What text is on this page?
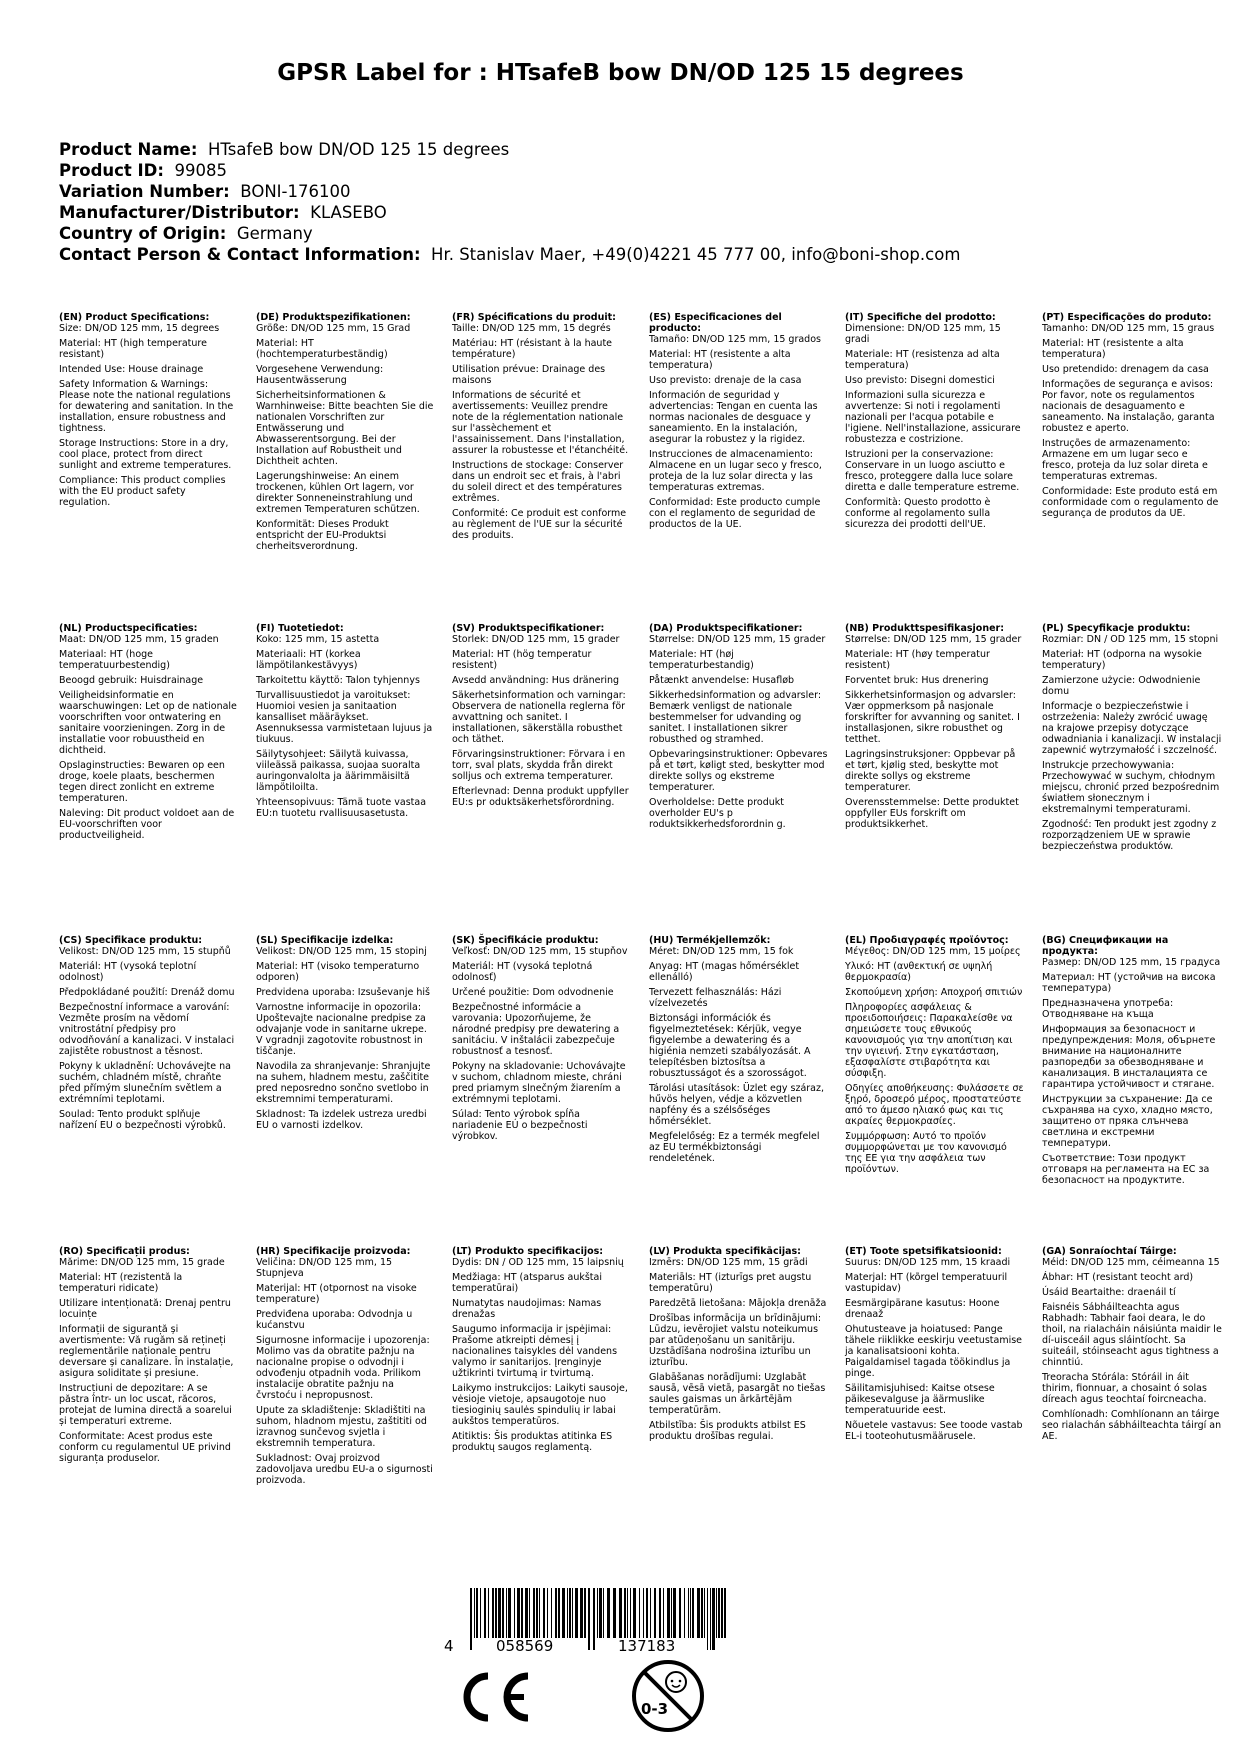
GPSR Label for : HTsafeB bow DN/OD 125 15 degrees
Product Name: HTsafeB bow DN/OD 125 15 degrees
Product ID: 99085
Variation Number: BONI-176100
Manufacturer/Distributor: KLASEBO
Country of Origin: Germany
Contact Person & Contact Information: Hr. Stanislav Maer, +49(0)4221 45 777 00, info@boni-shop.com
(EN) Product Specifications:

Size: DN/OD 125 mm, 15 degrees

Material: HT (high temperature resistant)

Intended Use: House drainage

Safety Information & Warnings: Please note the national regulations for dewatering and sanitation. In the installation, ensure robustness and tightness.

Storage Instructions: Store in a dry, cool place, protect from direct sunlight and extreme temperatures.

Compliance: This product complies with the EU product safety regulation.

(DE) Produktspezifikationen:

Größe: DN/OD 125 mm, 15 Grad

Material: HT (hochtemperaturbeständig)

Vorgesehene Verwendung: Hausentwässerung

Sicherheitsinformationen & Warnhinweise: Bitte beachten Sie die nationalen Vorschriften zur Entwässerung und Abwasserentsorgung. Bei der Installation auf Robustheit und Dichtheit achten.

Lagerungshinweise: An einem trockenen, kühlen Ort lagern, vor direkter Sonneneinstrahlung und extremen Temperaturen schützen.

Konformität: Dieses Produkt entspricht der EU-Produktsi cherheitsverordnung.

(FR) Spécifications du produit:

Taille: DN/OD 125 mm, 15 degrés

Matériau: HT (résistant à la haute température)

Utilisation prévue: Drainage des maisons

Informations de sécurité et avertissements: Veuillez prendre note de la réglementation nationale sur l'assèchement et l'assainissement. Dans l'installation, assurer la robustesse et l'étanchéité.

Instructions de stockage: Conserver dans un endroit sec et frais, à l'abri du soleil direct et des températures extrêmes.

Conformité: Ce produit est conforme au règlement de l'UE sur la sécurité des produits.

(ES) Especificaciones del producto:

Tamaño: DN/OD 125 mm, 15 grados

Material: HT (resistente a alta temperatura)

Uso previsto: drenaje de la casa

Información de seguridad y advertencias: Tengan en cuenta las normas nacionales de desguace y saneamiento. En la instalación, asegurar la robustez y la rigidez.

Instrucciones de almacenamiento: Almacene en un lugar seco y fresco, proteja de la luz solar directa y las temperaturas extremas.

Conformidad: Este producto cumple con el reglamento de seguridad de productos de la UE.

(IT) Specifiche del prodotto:

Dimensione: DN/OD 125 mm, 15 gradi

Materiale: HT (resistenza ad alta temperatura)

Uso previsto: Disegni domestici

Informazioni sulla sicurezza e avvertenze: Si noti i regolamenti nazionali per l'acqua potabile e l'igiene. Nell'installazione, assicurare robustezza e costrizione.

Istruzioni per la conservazione: Conservare in un luogo asciutto e fresco, proteggere dalla luce solare diretta e dalle temperature estreme.

Conformità: Questo prodotto è conforme al regolamento sulla sicurezza dei prodotti dell'UE.

(PT) Especificações do produto:

Tamanho: DN/OD 125 mm, 15 graus

Material: HT (resistente a alta temperatura)

Uso pretendido: drenagem da casa

Informações de segurança e avisos: Por favor, note os regulamentos nacionais de desaguamento e saneamento. Na instalação, garanta robustez e aperto.

Instruções de armazenamento: Armazene em um lugar seco e fresco, proteja da luz solar direta e temperaturas extremas.

Conformidade: Este produto está em conformidade com o regulamento de segurança de produtos da UE.

(NL) Productspecificaties:

Maat: DN/OD 125 mm, 15 graden

Materiaal: HT (hoge temperatuurbestendig)

Beoogd gebruik: Huisdrainage

Veiligheidsinformatie en waarschuwingen: Let op de nationale voorschriften voor ontwatering en sanitaire voorzieningen. Zorg in de installatie voor robuustheid en dichtheid.

Opslaginstructies: Bewaren op een droge, koele plaats, beschermen tegen direct zonlicht en extreme temperaturen.

Naleving: Dit product voldoet aan de EU-voorschriften voor productveiligheid.

(FI) Tuotetiedot:

Koko: 125 mm, 15 astetta

Materiaali: HT (korkea lämpötilankestävyys)

Tarkoitettu käyttö: Talon tyhjennys

Turvallisuustiedot ja varoitukset: Huomioi vesien ja sanitaation kansalliset määräykset. Asennuksessa varmistetaan lujuus ja tiukuus.

Säilytysohjeet: Säilytä kuivassa, viileässä paikassa, suojaa suoralta auringonvalolta ja äärimmäisiltä lämpötiloilta.

Yhteensopivuus: Tämä tuote vastaa EU:n tuotetu rvallisuusasetusta.

(SV) Produktspecifikationer:

Storlek: DN/OD 125 mm, 15 grader

Material: HT (hög temperatur resistent)

Avsedd användning: Hus dränering

Säkerhetsinformation och varningar: Observera de nationella reglerna för avvattning och sanitet. I installationen, säkerställa robusthet och täthet.

Förvaringsinstruktioner: Förvara i en torr, sval plats, skydda från direkt solljus och extrema temperaturer.

Efterlevnad: Denna produkt uppfyller EU:s pr oduktsäkerhetsförordning.

(DA) Produktspecifikationer:

Størrelse: DN/OD 125 mm, 15 grader

Materiale: HT (høj temperaturbestandig)

Påtænkt anvendelse: Husafløb

Sikkerhedsinformation og advarsler: Bemærk venligst de nationale bestemmelser for udvanding og sanitet. I installationen sikrer robusthed og stramhed.

Opbevaringsinstruktioner: Opbevares på et tørt, køligt sted, beskytter mod direkte sollys og ekstreme temperaturer.

Overholdelse: Dette produkt overholder EU's p roduktsikkerhedsforordnin g.

(NB) Produkttspesifikasjoner:

Størrelse: DN/OD 125 mm, 15 grader

Materiale: HT (høy temperatur resistent)

Forventet bruk: Hus drenering

Sikkerhetsinformasjon og advarsler: Vær oppmerksom på nasjonale forskrifter for avvanning og sanitet. I installasjonen, sikre robusthet og tetthet.

Lagringsinstruksjoner: Oppbevar på et tørt, kjølig sted, beskytte mot direkte sollys og ekstreme temperaturer.

Overensstemmelse: Dette produktet oppfyller EUs forskrift om produktsikkerhet.

(PL) Specyfikacje produktu:

Rozmiar: DN / OD 125 mm, 15 stopni

Materiał: HT (odporna na wysokie temperatury)

Zamierzone użycie: Odwodnienie domu

Informacje o bezpieczeństwie i ostrzeżenia: Należy zwrócić uwagę na krajowe przepisy dotyczące odwadniania i kanalizacji. W instalacji zapewnić wytrzymałość i szczelność.

Instrukcje przechowywania: Przechowywać w suchym, chłodnym miejscu, chronić przed bezpośrednim światłem słonecznym i ekstremalnymi temperaturami.

Zgodność: Ten produkt jest zgodny z rozporządzeniem UE w sprawie bezpieczeństwa produktów.

(CS) Specifikace produktu:

Velikost: DN/OD 125 mm, 15 stupňů

Materiál: HT (vysoká teplotní odolnost)

Předpokládané použití: Drenáž domu

Bezpečnostní informace a varování: Vezměte prosím na vědomí vnitrostátní předpisy pro odvodňování a kanalizaci. V instalaci zajistěte robustnost a těsnost.

Pokyny k ukladnění: Uchovávejte na suchém, chladném místě, chraňte před přímým slunečním světlem a extrémními teplotami.

Soulad: Tento produkt splňuje nařízení EU o bezpečnosti výrobků.

(SL) Specifikacije izdelka:

Velikost: DN/OD 125 mm, 15 stopinj

Material: HT (visoko temperaturno odporen)

Predvidena uporaba: Izsuševanje hiš

Varnostne informacije in opozorila: Upoštevajte nacionalne predpise za odvajanje vode in sanitarne ukrepe. V vgradnji zagotovite robustnost in tiščanje.

Navodila za shranjevanje: Shranjujte na suhem, hladnem mestu, zaščitite pred neposredno sončno svetlobo in ekstremnimi temperaturami.

Skladnost: Ta izdelek ustreza uredbi EU o varnosti izdelkov.

(SK) Špecifikácie produktu:

Veľkosť: DN/OD 125 mm, 15 stupňov

Materiál: HT (vysoká teplotná odolnosť)

Určené použitie: Dom odvodnenie

Bezpečnostné informácie a varovania: Upozorňujeme, že národné predpisy pre dewatering a sanitáciu. V inštalácii zabezpečuje robustnosť a tesnosť.

Pokyny na skladovanie: Uchovávajte v suchom, chladnom mieste, chráni pred priamym slnečným žiarením a extrémnymi teplotami.

Súlad: Tento výrobok spĺňa nariadenie EÚ o bezpečnosti výrobkov.

(HU) Termékjellemzők:

Méret: DN/OD 125 mm, 15 fok

Anyag: HT (magas hőmérséklet ellenálló)

Tervezett felhasználás: Házi vízelvezetés

Biztonsági információk és figyelmeztetések: Kérjük, vegye figyelembe a dewatering és a higiénia nemzeti szabályozását. A telepítésben biztosítsa a robusztusságot és a szorosságot.

Tárolási utasítások: Üzlet egy száraz, hűvös helyen, védje a közvetlen napfény és a szélsőséges hőmérséklet.

Megfelelőség: Ez a termék megfelel az EU termékbiztonsági rendeletének.

(EL) Προδιαγραφές προϊόντος:

Μέγεθος: DN/OD 125 mm, 15 μοίρες

Υλικό: HT (ανθεκτική σε υψηλή θερμοκρασία)

Σκοπούμενη χρήση: Αποχροή σπιτιών

Πληροφορίες ασφάλειας & προειδοποιήσεις: Παρακαλείσθε να σημειώσετε τους εθνικούς κανονισμούς για την αποπίτιση και την υγιεινή. Στην εγκατάσταση, εξασφαλίστε στιβαρότητα και σύσφιξη.

Οδηγίες αποθήκευσης: Φυλάσσετε σε ξηρό, δροσερό μέρος, προστατεύστε από το άμεσο ηλιακό φως και τις ακραίες θερμοκρασίες.

Συμμόρφωση: Αυτό το προϊόν συμμορφώνεται με τον κανονισμό της ΕΕ για την ασφάλεια των προϊόντων.

(BG) Спецификации на продукта:

Размер: DN/OD 125 mm, 15 градуса

Материал: HT (устойчив на висока температура)

Предназначена употреба: Отводняване на къща

Информация за безопасност и предупреждения: Моля, обърнете внимание на националните разпоредби за обезводняване и канализация. В инсталацията се гарантира устойчивост и стягане.

Инструкции за съхранение: Да се съхранява на сухо, хладно място, защитено от пряка слънчева светлина и екстремни температури.

Съответствие: Този продукт отговаря на регламента на ЕС за безопасност на продуктите.

(RO) Specificații produs:

Mărime: DN/OD 125 mm, 15 grade

Material: HT (rezistentă la temperaturi ridicate)

Utilizare intenționată: Drenaj pentru locuințe

Informații de siguranță și avertismente: Vă rugăm să rețineți reglementările naționale pentru deversare și canalizare. În instalație, asigura soliditate și presiune.

Instrucțiuni de depozitare: A se păstra într- un loc uscat, răcoros, protejat de lumina directă a soarelui și temperaturi extreme.

Conformitate: Acest produs este conform cu regulamentul UE privind siguranța produselor.

(HR) Specifikacije proizvoda:

Veličina: DN/OD 125 mm, 15 Stupnjeva

Materijal: HT (otpornost na visoke temperature)

Predviđena uporaba: Odvodnja u kućanstvu

Sigurnosne informacije i upozorenja: Molimo vas da obratite pažnju na nacionalne propise o odvodnji i odvođenju otpadnih voda. Prilikom instalacije obratite pažnju na čvrstoću i nepropusnost.

Upute za skladištenje: Skladištiti na suhom, hladnom mjestu, zaštititi od izravnog sunčevog svjetla i ekstremnih temperatura.

Sukladnost: Ovaj proizvod zadovoljava uredbu EU-a o sigurnosti proizvoda.

(LT) Produkto specifikacijos:

Dydis: DN / OD 125 mm, 15 laipsnių

Medžiaga: HT (atsparus aukštai temperatūrai)

Numatytas naudojimas: Namas drenažas

Saugumo informacija ir įspėjimai: Prašome atkreipti dėmesį į nacionalines taisykles dėl vandens valymo ir sanitarijos. Įrenginyje užtikrinti tvirtumą ir tvirtumą.

Laikymo instrukcijos: Laikyti sausoje, vėsioje vietoje, apsaugotoje nuo tiesioginių saulės spindulių ir labai aukštos temperatūros.

Atitiktis: Šis produktas atitinka ES produktų saugos reglamentą.

(LV) Produkta specifikācijas:

Izmērs: DN/OD 125 mm, 15 grādi

Materiāls: HT (izturīgs pret augstu temperatūru)

Paredzētā lietošana: Mājokļa drenāža

Drošības informācija un brīdinājumi: Lūdzu, ievērojiet valstu noteikumus par atūdeņošanu un sanitāriju. Uzstādīšana nodrošina izturību un izturību.

Glabāšanas norādījumi: Uzglabāt sausā, vēsā vietā, pasargāt no tiešas saules gaismas un ārkārtējām temperatūrām.

Atbilstība: Šis produkts atbilst ES produktu drošības regulai.

(ET) Toote spetsifikatsioonid:

Suurus: DN/OD 125 mm, 15 kraadi

Materjal: HT (kõrgel temperatuuril vastupidav)

Eesmärgipärane kasutus: Hoone drenaaž

Ohutusteave ja hoiatused: Pange tähele riiklikke eeskirju veetustamise ja kanalisatsiooni kohta. Paigaldamisel tagada töökindlus ja pinge.

Säilitamisjuhised: Kaitse otsese päikesevalguse ja äärmuslike temperatuuride eest.

Nõuetele vastavus: See toode vastab EL-i tooteohutusmäärusele.

(GA) Sonraíochtaí Táirge:

Méid: DN/OD 125 mm, céimeanna 15

Ábhar: HT (resistant teocht ard)

Úsáid Beartaithe: draenáil tí

Faisnéis Sábháilteachta agus Rabhadh: Tabhair faoi deara, le do thoil, na rialacháin náisiúnta maidir le dí-uisceáil agus sláintíocht. Sa suiteáil, stóinseacht agus tightness a chinntiú.

Treoracha Stórála: Stóráil in áit thirim, fionnuar, a chosaint ó solas díreach agus teochtaí foircneacha.

Comhlíonadh: Comhlíonann an táirge seo rialachán sábháilteachta táirgí an AE.

4	058569	137183
0-3
